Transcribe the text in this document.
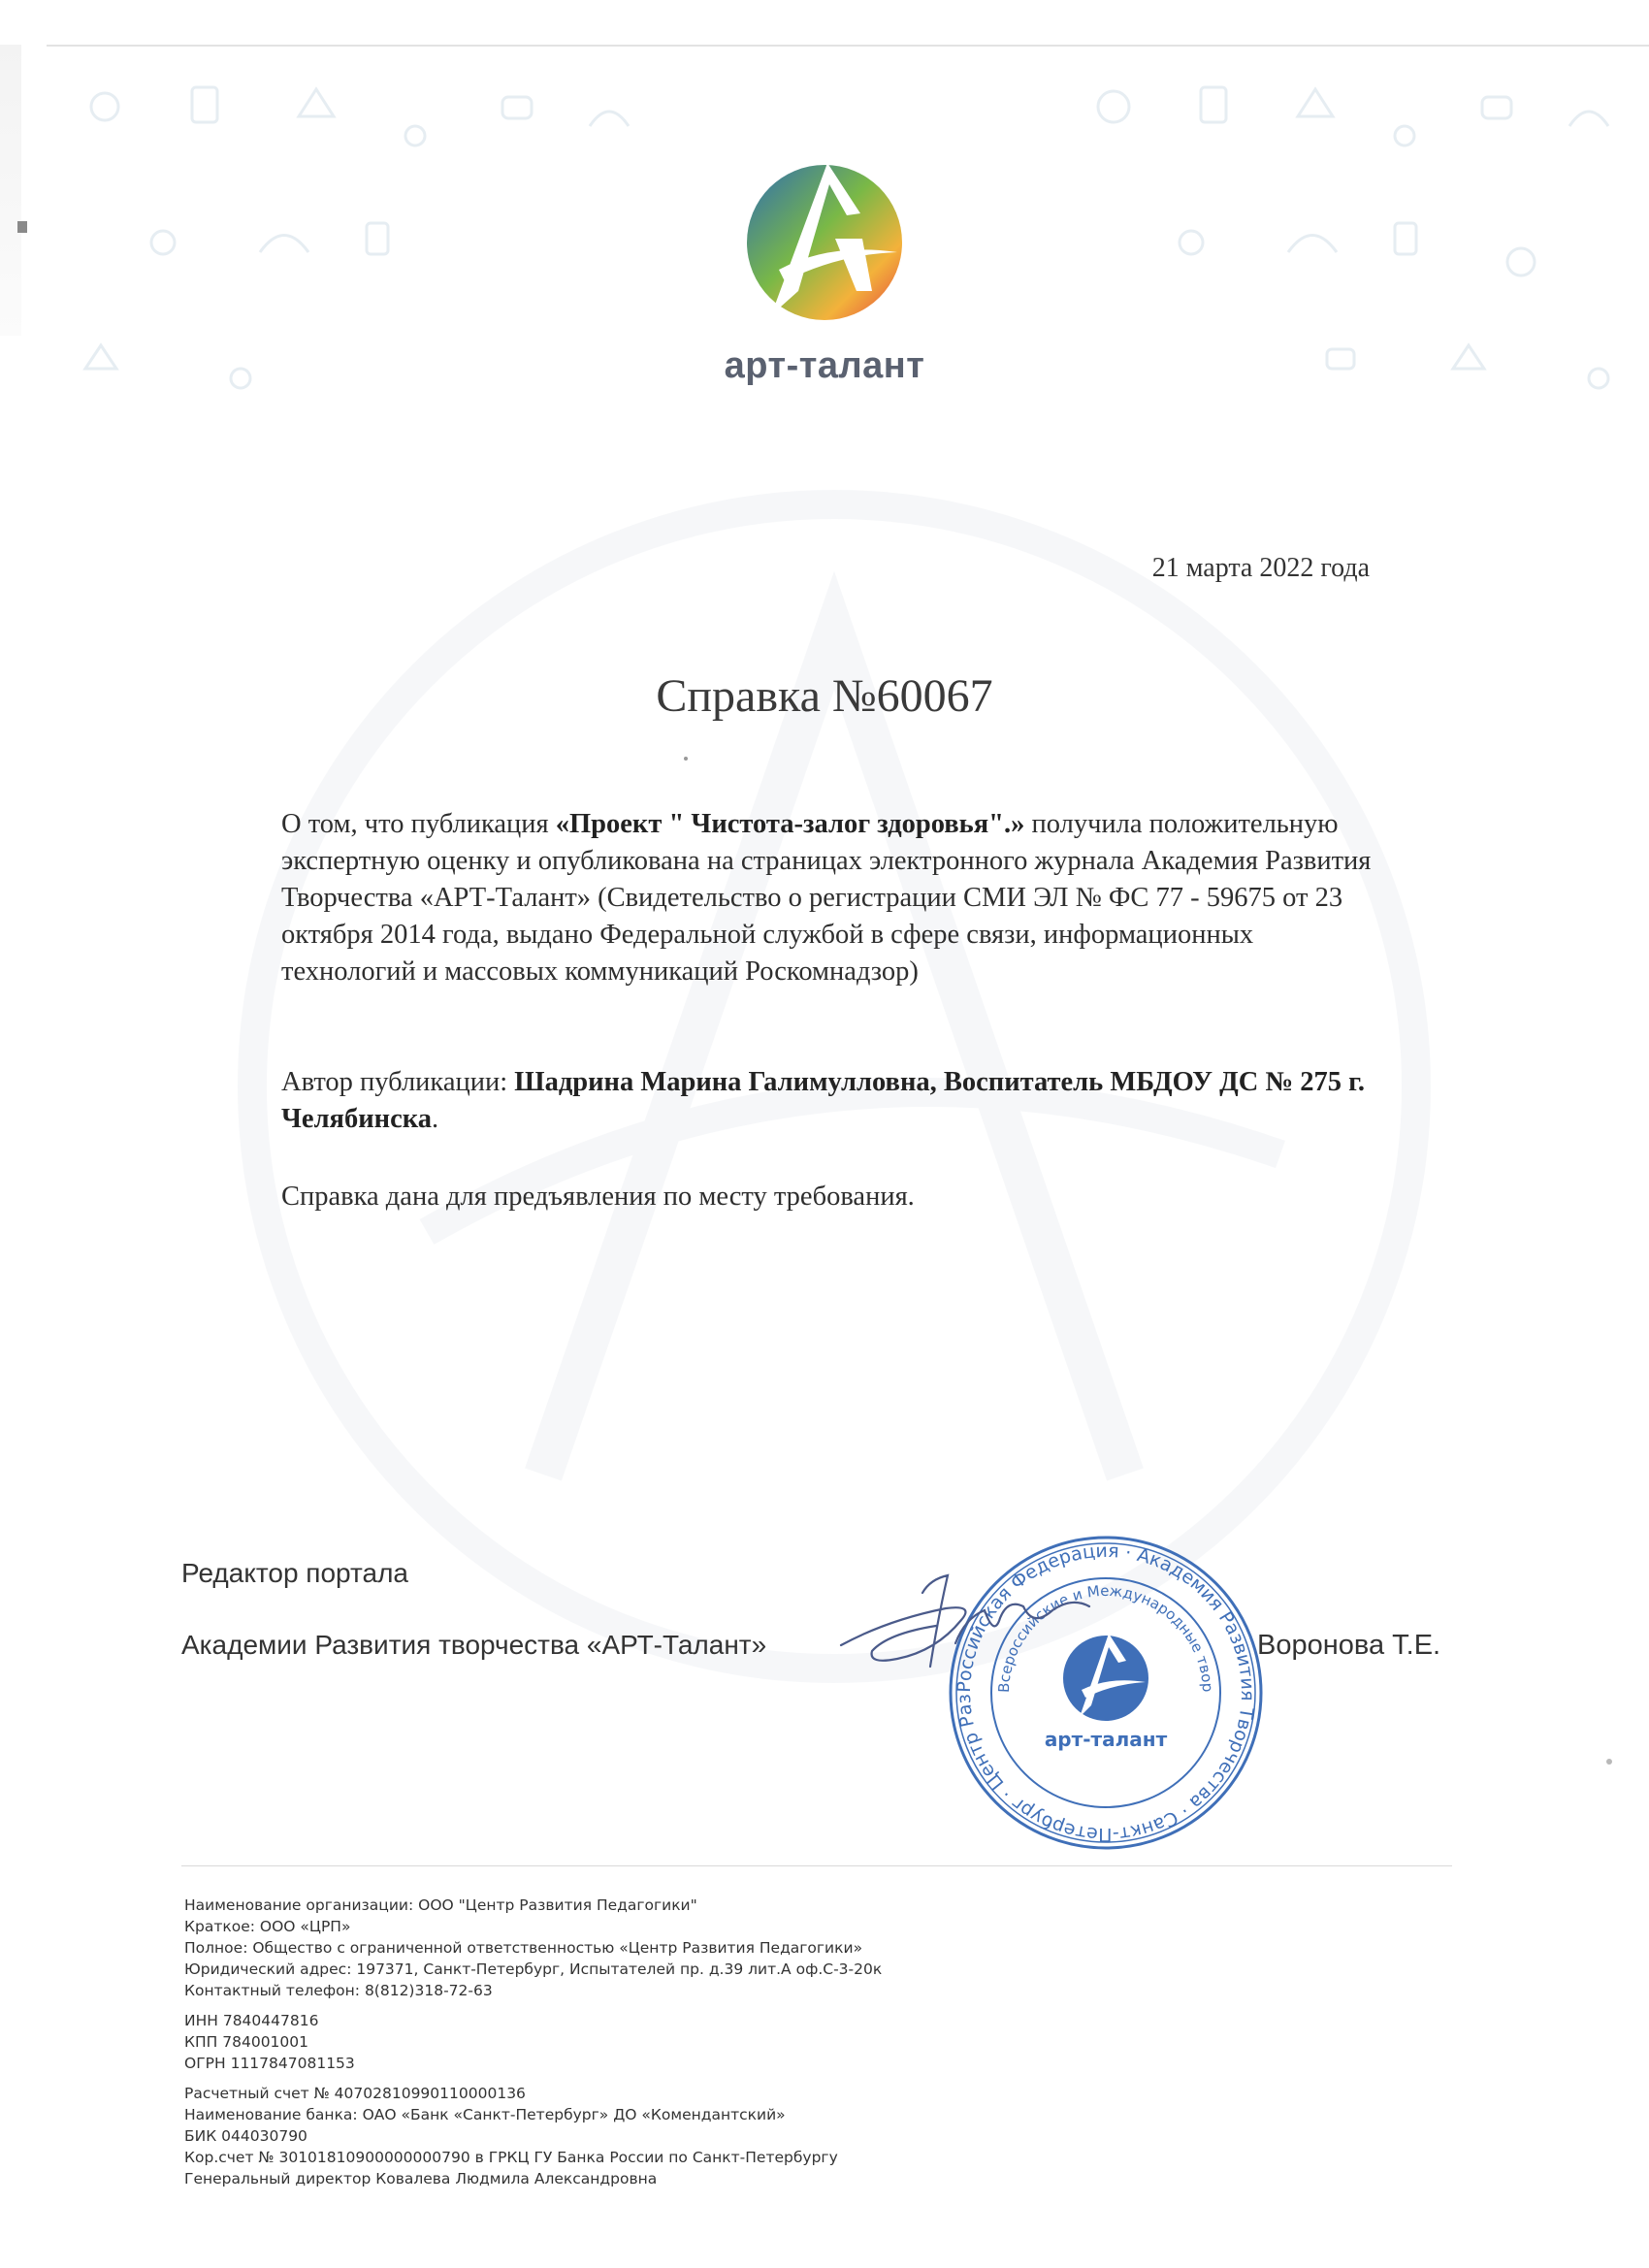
арт-талант
21 марта 2022 года
Справка №60067
О том, что публикация «Проект " Чистота-залог здоровья".» получила положительную экспертную оценку и опубликована на страницах электронного журнала Академия Развития Творчества «АРТ-Талант» (Свидетельство о регистрации СМИ ЭЛ № ФС 77 - 59675 от 23 октября 2014 года, выдано Федеральной службой в сфере связи, информационных технологий и массовых коммуникаций Роскомнадзор)
Автор публикации: Шадрина Марина Галимулловна, Воспитатель МБДОУ ДС № 275 г. Челябинска.
Справка дана для предъявления по месту требования.
Редактор портала
Академии Развития творчества «АРТ-Талант»
Российская Федерация · Академия Развития Творчества · Санкт-Петербург · Центр Раз
Всероссийские и Международные твор
арт-талант
Воронова Т.Е.
Наименование организации: ООО "Центр Развития Педагогики"
Краткое: ООО «ЦРП»
Полное: Общество с ограниченной ответственностью «Центр Развития Педагогики»
Юридический адрес: 197371, Санкт-Петербург, Испытателей пр. д.39 лит.А оф.С-3-20к
Контактный телефон: 8(812)318-72-63
ИНН 7840447816
КПП 784001001
ОГРН 1117847081153
Расчетный счет № 40702810990110000136
Наименование банка: ОАО «Банк «Санкт-Петербург» ДО «Комендантский»
БИК 044030790
Кор.счет № 30101810900000000790 в ГРКЦ ГУ Банка России по Санкт-Петербургу
Генеральный директор Ковалева Людмила Александровна
